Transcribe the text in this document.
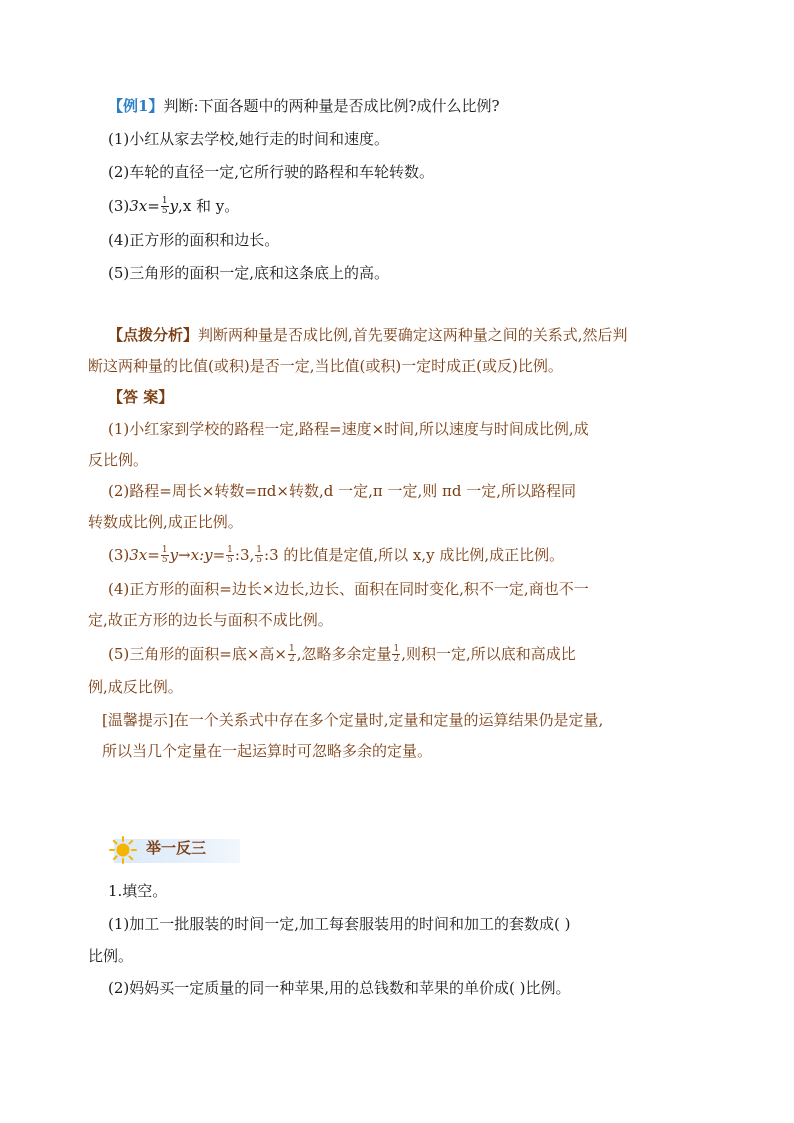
【例1】判断:下面各题中的两种量是否成比例?成什么比例?
(1)小红从家去学校,她行走的时间和速度。
(2)车轮的直径一定,它所行驶的路程和车轮转数。
$(3)3x= \frac{1}{5} y,x$ 和 y。
(4)正方形的面积和边长。
(5)三角形的面积一定,底和这条底上的高。
【点拨分析】判断两种量是否成比例,首先要确定这两种量之间的关系式,然后判
断这两种量的比值(或积)是否一定,当比值(或积)一定时成正(或反)比例。
【答 案】
(1)小红家到学校的路程一定,路程=速度×时间,所以速度与时间成比例,成
反比例。
(2)路程=周长×转数=πd×转数,d 一定,π 一定,则 πd 一定,所以路程同
转数成比例,成正比例。
$(3)3x= \frac{1}{5}$ y→x:y= $\frac{1}{5}$ :3, $\frac{1}{5}$ :3 的比值是定值,所以 x,y 成比例,成正比例。
(4)正方形的面积=边长×边长,边长、面积在同时变化,积不一定,商也不一
定,故正方形的边长与面积不成比例。
(5)三角形的面积=底×高× $\frac{1}{2}$ ,忽略多余定量 $\frac{1}{2}$ ,则积一定,所以底和高成比
例,成反比例。
[温馨提示]在一个关系式中存在多个定量时,定量和定量的运算结果仍是定量,
所以当几个定量在一起运算时可忽略多余的定量。
举一反三
1.填空。
(1)加工一批服装的时间一定,加工每套服装用的时间和加工的套数成( )
比例。
(2)妈妈买一定质量的同一种苹果,用的总钱数和苹果的单价成( )比例。
